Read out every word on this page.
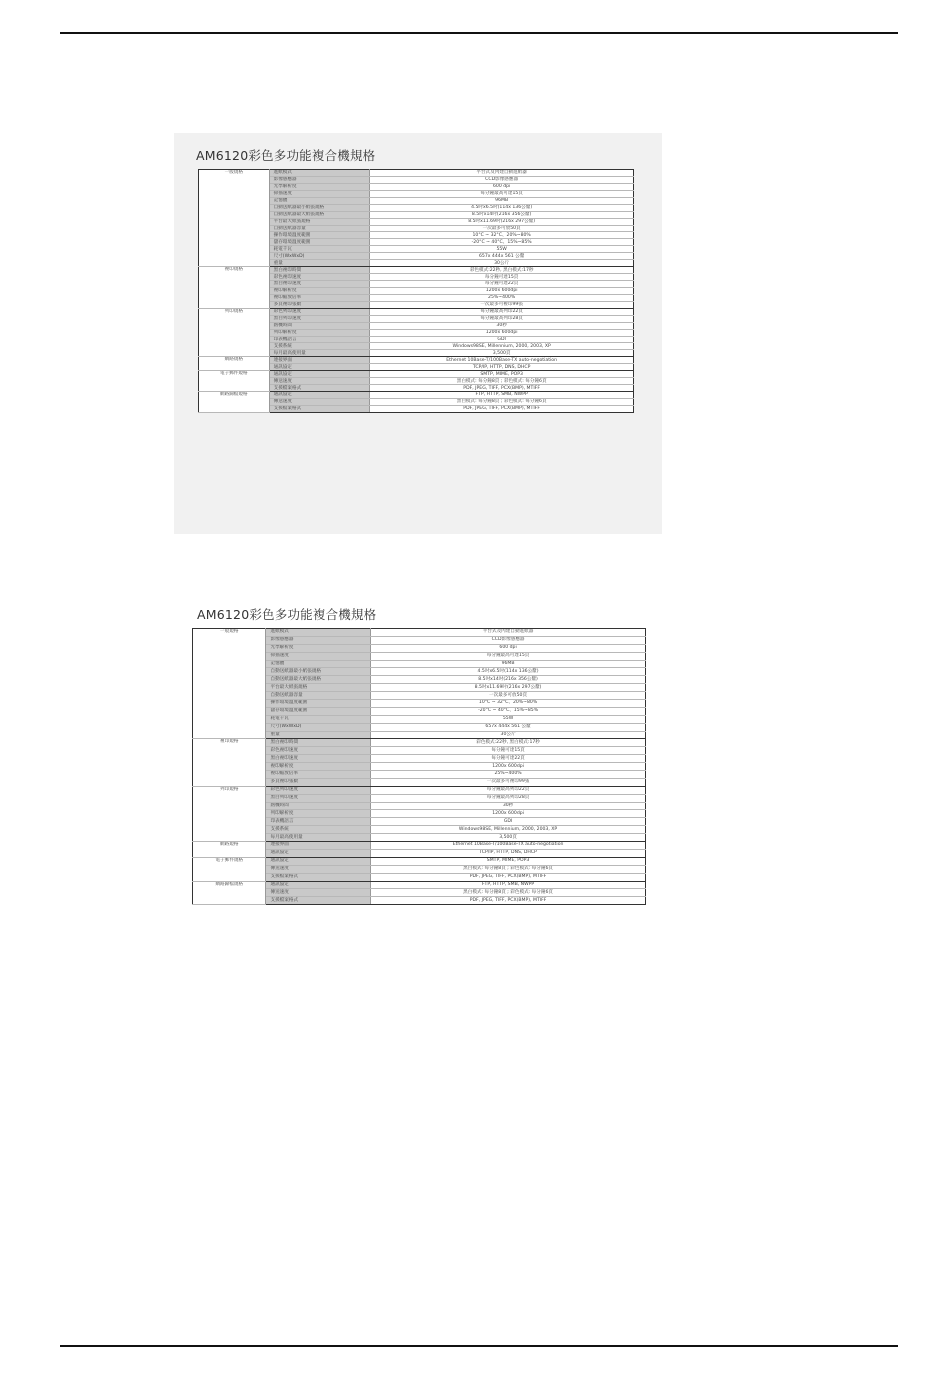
AM6120彩色多功能複合機規格
一般規格	進紙模式	平台式及內建自動進紙器
	影像感應器	CCD影像感應器
	光學解析度	600 dpi
	掃描速度	每分鐘最高可達15頁
	記憶體	96MB
	自動送紙器最小紙張規格	4.5吋x6.5吋(114x 136公釐)
	自動送紙器最大紙張規格	8.5吋x14吋(216x 356公釐)
	平台最大紙張規格	8.5吋x11.69吋(216x 297公釐)
	自動送紙器容量	一次最多可放50頁
	操作環境溫度範圍	10°C ~ 32°C、20%~80%
	儲存環境溫度範圍	-20°C ~ 40°C、15%~85%
	耗電千瓦	55W
	尺寸(WxWxD)	657x 444x 561 公釐
	重量	30公斤
複印規格	黑白複印時間	彩色模式:22秒, 黑白模式:17秒
	彩色複印速度	每分鐘可達15頁
	黑白複印速度	每分鐘可達22頁
	複印解析度	1200x 600dpi
	複印縮放倍率	25%~400%
	多頁複印張數	一次最多可複印99張
列印規格	彩色列印速度	每分鐘最高列印22頁
	黑白列印速度	每分鐘最高列印28頁
	熱機時間	30秒
	列印解析度	1200x 600dpi
	印表機語言	GDI
	支援系統	Windows98SE, Millennium, 2000, 2003, XP
	每月最高使用量	3,500頁
網路規格	連接界面	Ethernet 10Base-T/100Base-TX auto-negotiation
	通訊協定	TCP/IP, HTTP, DNS, DHCP
電子郵件規格	通訊協定	SMTP, MIME, POP3
	傳送速度	黑白模式: 每分鐘8頁 ; 彩色模式: 每分鐘6頁
	支援檔案格式	PDF, JPEG, TIFF, PCX(BMP), MTIFF
網路歸檔規格	通訊協定	FTP, HTTP, SMB, NWPP
	傳送速度	黑白模式: 每分鐘8頁 ; 彩色模式: 每分鐘6頁
	支援檔案格式	PDF, JPEG, TIFF, PCX(BMP), MTIFF
AM6120彩色多功能複合機規格
一般規格	進紙模式	平台式及內建自動進紙器
	影像感應器	CCD影像感應器
	光學解析度	600 dpi
	掃描速度	每分鐘最高可達15頁
	記憶體	96MB
	自動送紙器最小紙張規格	4.5吋x6.5吋(114x 136公釐)
	自動送紙器最大紙張規格	8.5吋x14吋(216x 356公釐)
	平台最大紙張規格	8.5吋x11.69吋(216x 297公釐)
	自動送紙器容量	一次最多可放50頁
	操作環境溫度範圍	10°C ~ 32°C、20%~80%
	儲存環境溫度範圍	-20°C ~ 40°C、15%~85%
	耗電千瓦	55W
	尺寸(WxWxD)	657x 444x 561 公釐
	重量	30公斤
複印規格	黑白複印時間	彩色模式:22秒, 黑白模式:17秒
	彩色複印速度	每分鐘可達15頁
	黑白複印速度	每分鐘可達22頁
	複印解析度	1200x 600dpi
	複印縮放倍率	25%~400%
	多頁複印張數	一次最多可複印99張
列印規格	彩色列印速度	每分鐘最高列印22頁
	黑白列印速度	每分鐘最高列印28頁
	熱機時間	30秒
	列印解析度	1200x 600dpi
	印表機語言	GDI
	支援系統	Windows98SE, Millennium, 2000, 2003, XP
	每月最高使用量	3,500頁
網路規格	連接界面	Ethernet 10Base-T/100Base-TX auto-negotiation
	通訊協定	TCP/IP, HTTP, DNS, DHCP
電子郵件規格	通訊協定	SMTP, MIME, POP3
	傳送速度	黑白模式: 每分鐘8頁 ; 彩色模式: 每分鐘6頁
	支援檔案格式	PDF, JPEG, TIFF, PCX(BMP), MTIFF
網路歸檔規格	通訊協定	FTP, HTTP, SMB, NWPP
	傳送速度	黑白模式: 每分鐘8頁 ; 彩色模式: 每分鐘6頁
	支援檔案格式	PDF, JPEG, TIFF, PCX(BMP), MTIFF
